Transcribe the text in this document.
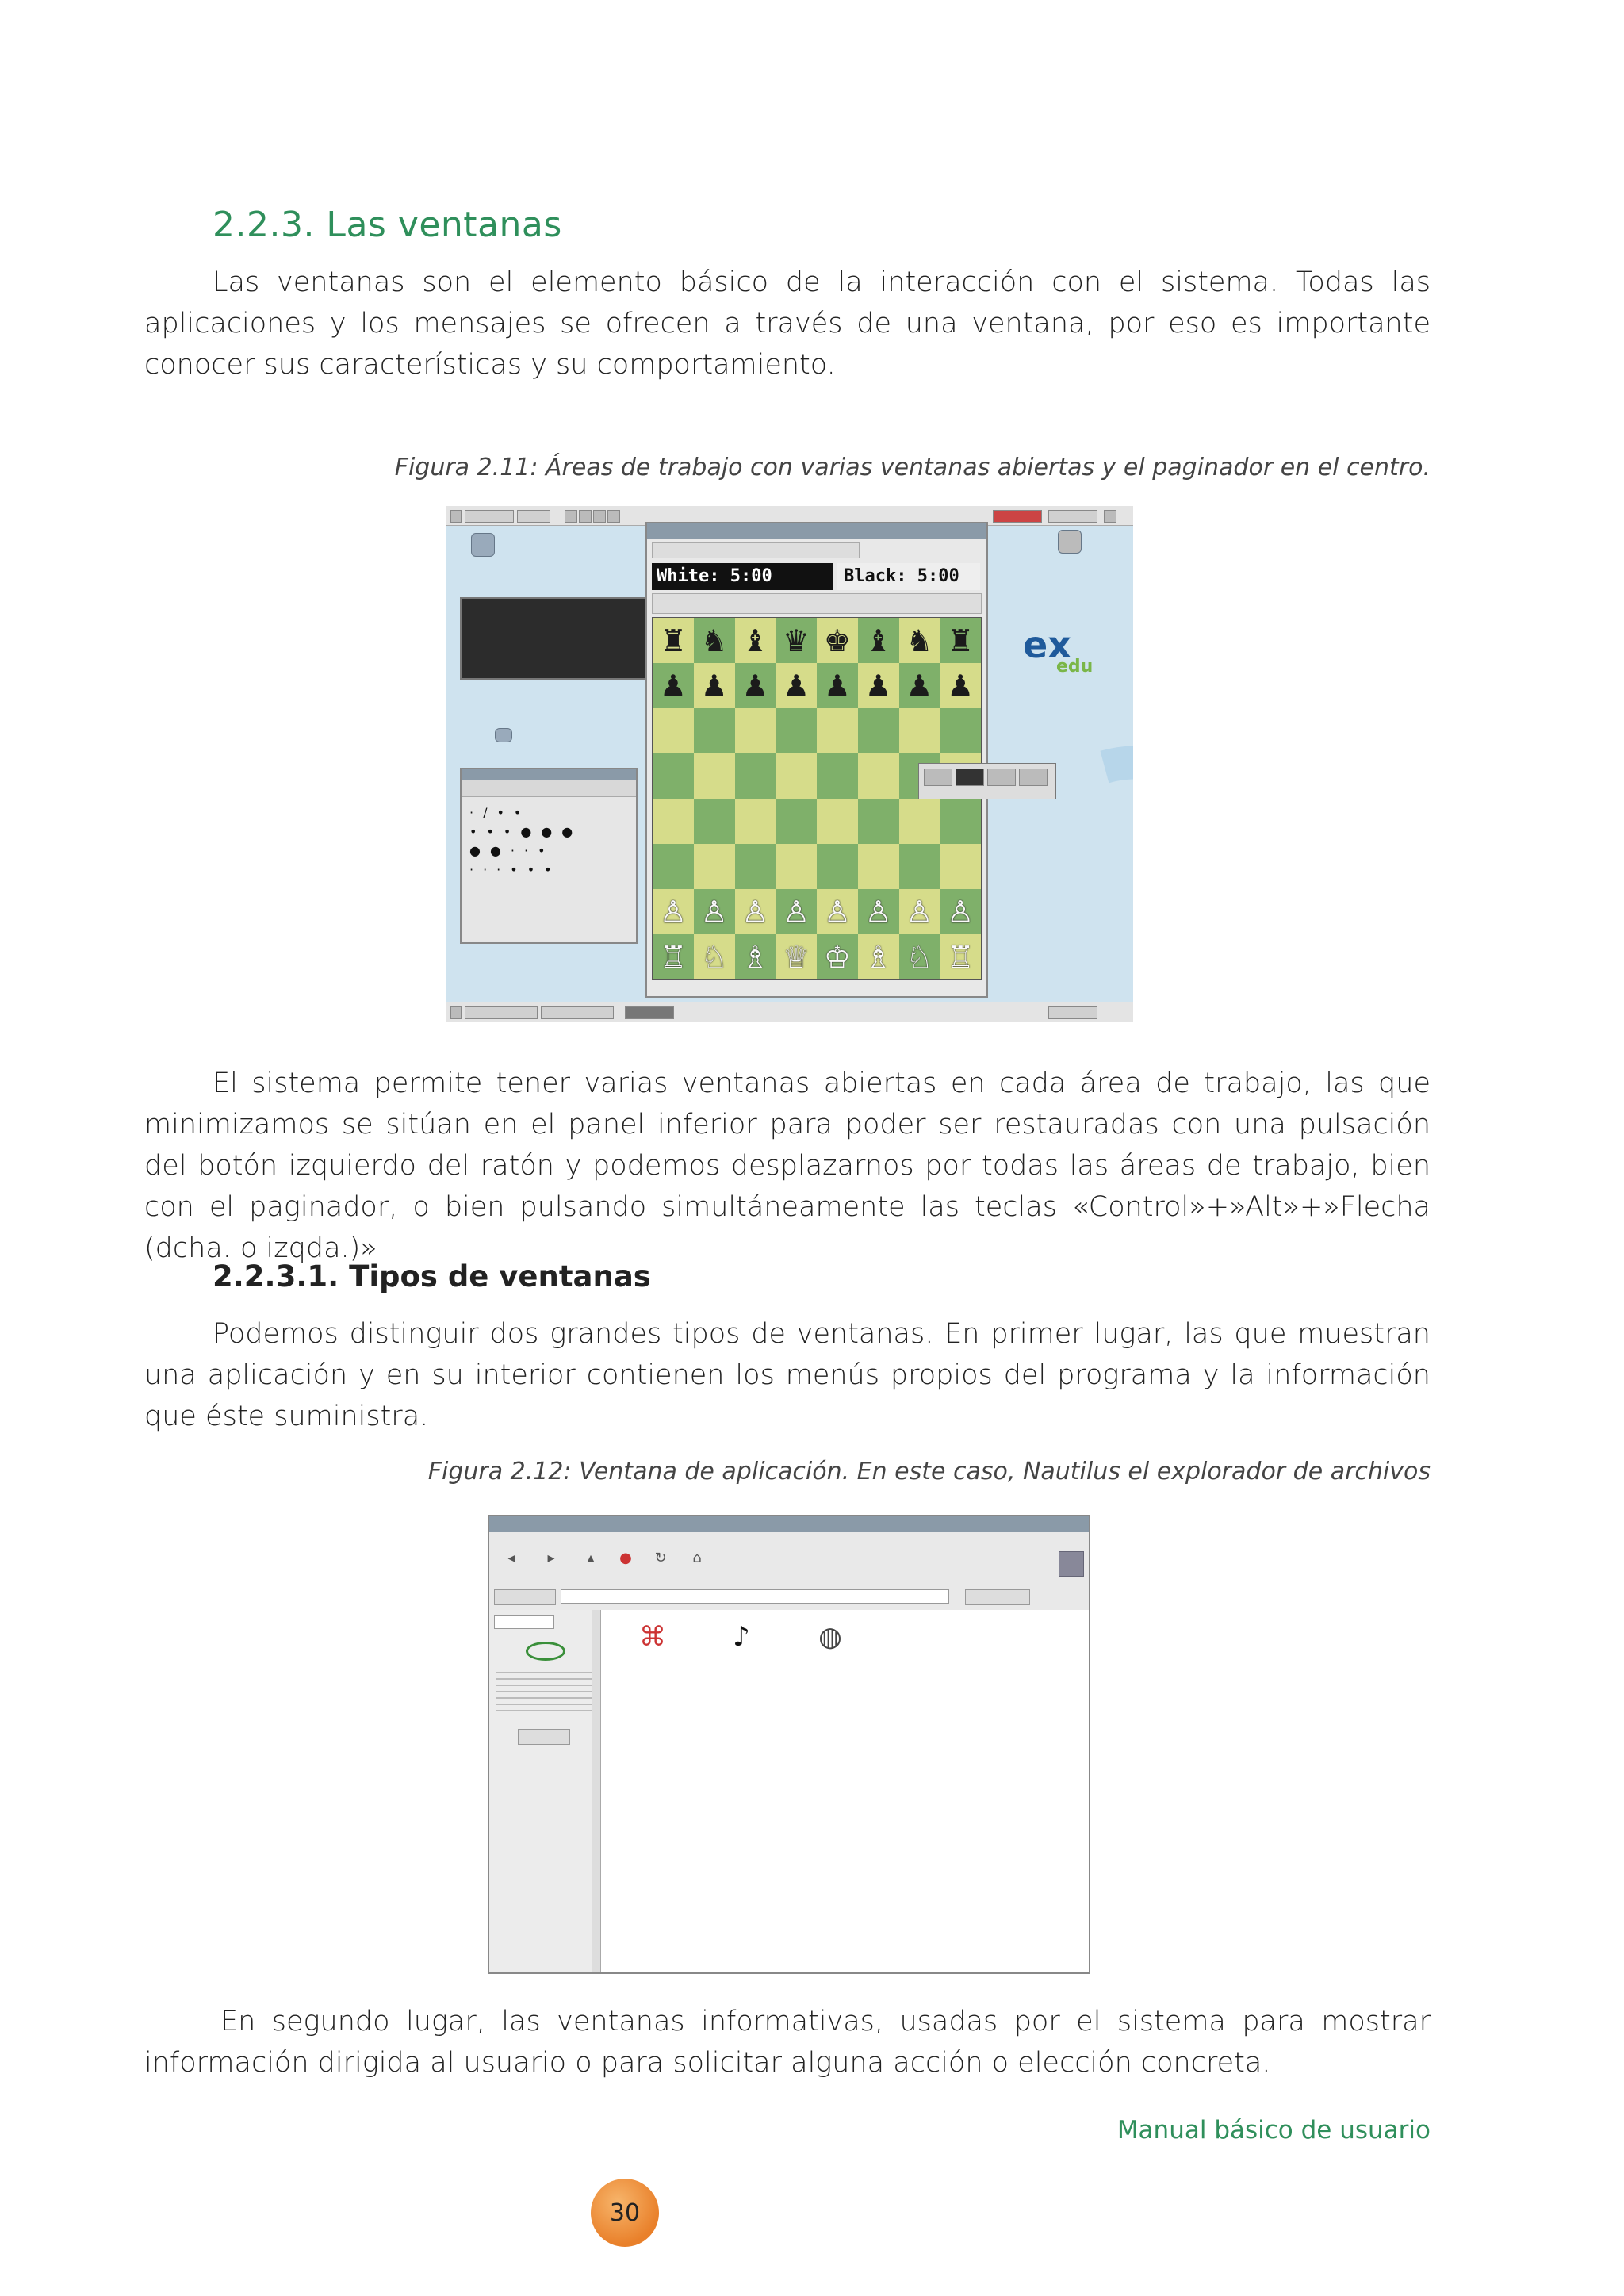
2.2.3. Las ventanas
Las ventanas son el elemento básico de la interacción con el sistema. Todas las aplicaciones y los mensajes se ofrecen a través de una ventana, por eso es importante conocer sus características y su comportamiento.
Figura 2.11: Áreas de trabajo con varias ventanas abiertas y el paginador en el centro.
·/••
•••●●●
●●··•
···•••
ex
edu
White: 5:00	Black: 5:00
♜ ♞ ♝ ♛ ♚ ♝ ♞ ♜
♟ ♟ ♟ ♟ ♟ ♟ ♟ ♟
♙ ♙ ♙ ♙ ♙ ♙ ♙ ♙
♖ ♘ ♗ ♕ ♔ ♗ ♘ ♖
El sistema permite tener varias ventanas abiertas en cada área de trabajo, las que minimizamos se sitúan en el panel inferior para poder ser restauradas con una pulsación del botón izquierdo del ratón y podemos desplazarnos por todas las áreas de trabajo, bien con el paginador, o bien pulsando simultáneamente las teclas «Control»+»Alt»+»Flecha (dcha. o izqda.)»
2.2.3.1. Tipos de ventanas
Podemos distinguir dos grandes tipos de ventanas. En primer lugar, las que muestran una aplicación y en su interior contienen los menús propios del programa y la información que éste suministra.
Figura 2.12: Ventana de aplicación. En este caso, Nautilus el explorador de archivos
◂	▸	▴	●	↻	⌂
⌘	♪	◍
En segundo lugar, las ventanas informativas, usadas por el sistema para mostrar información dirigida al usuario o para solicitar alguna acción o elección concreta.
Manual básico de usuario
30
